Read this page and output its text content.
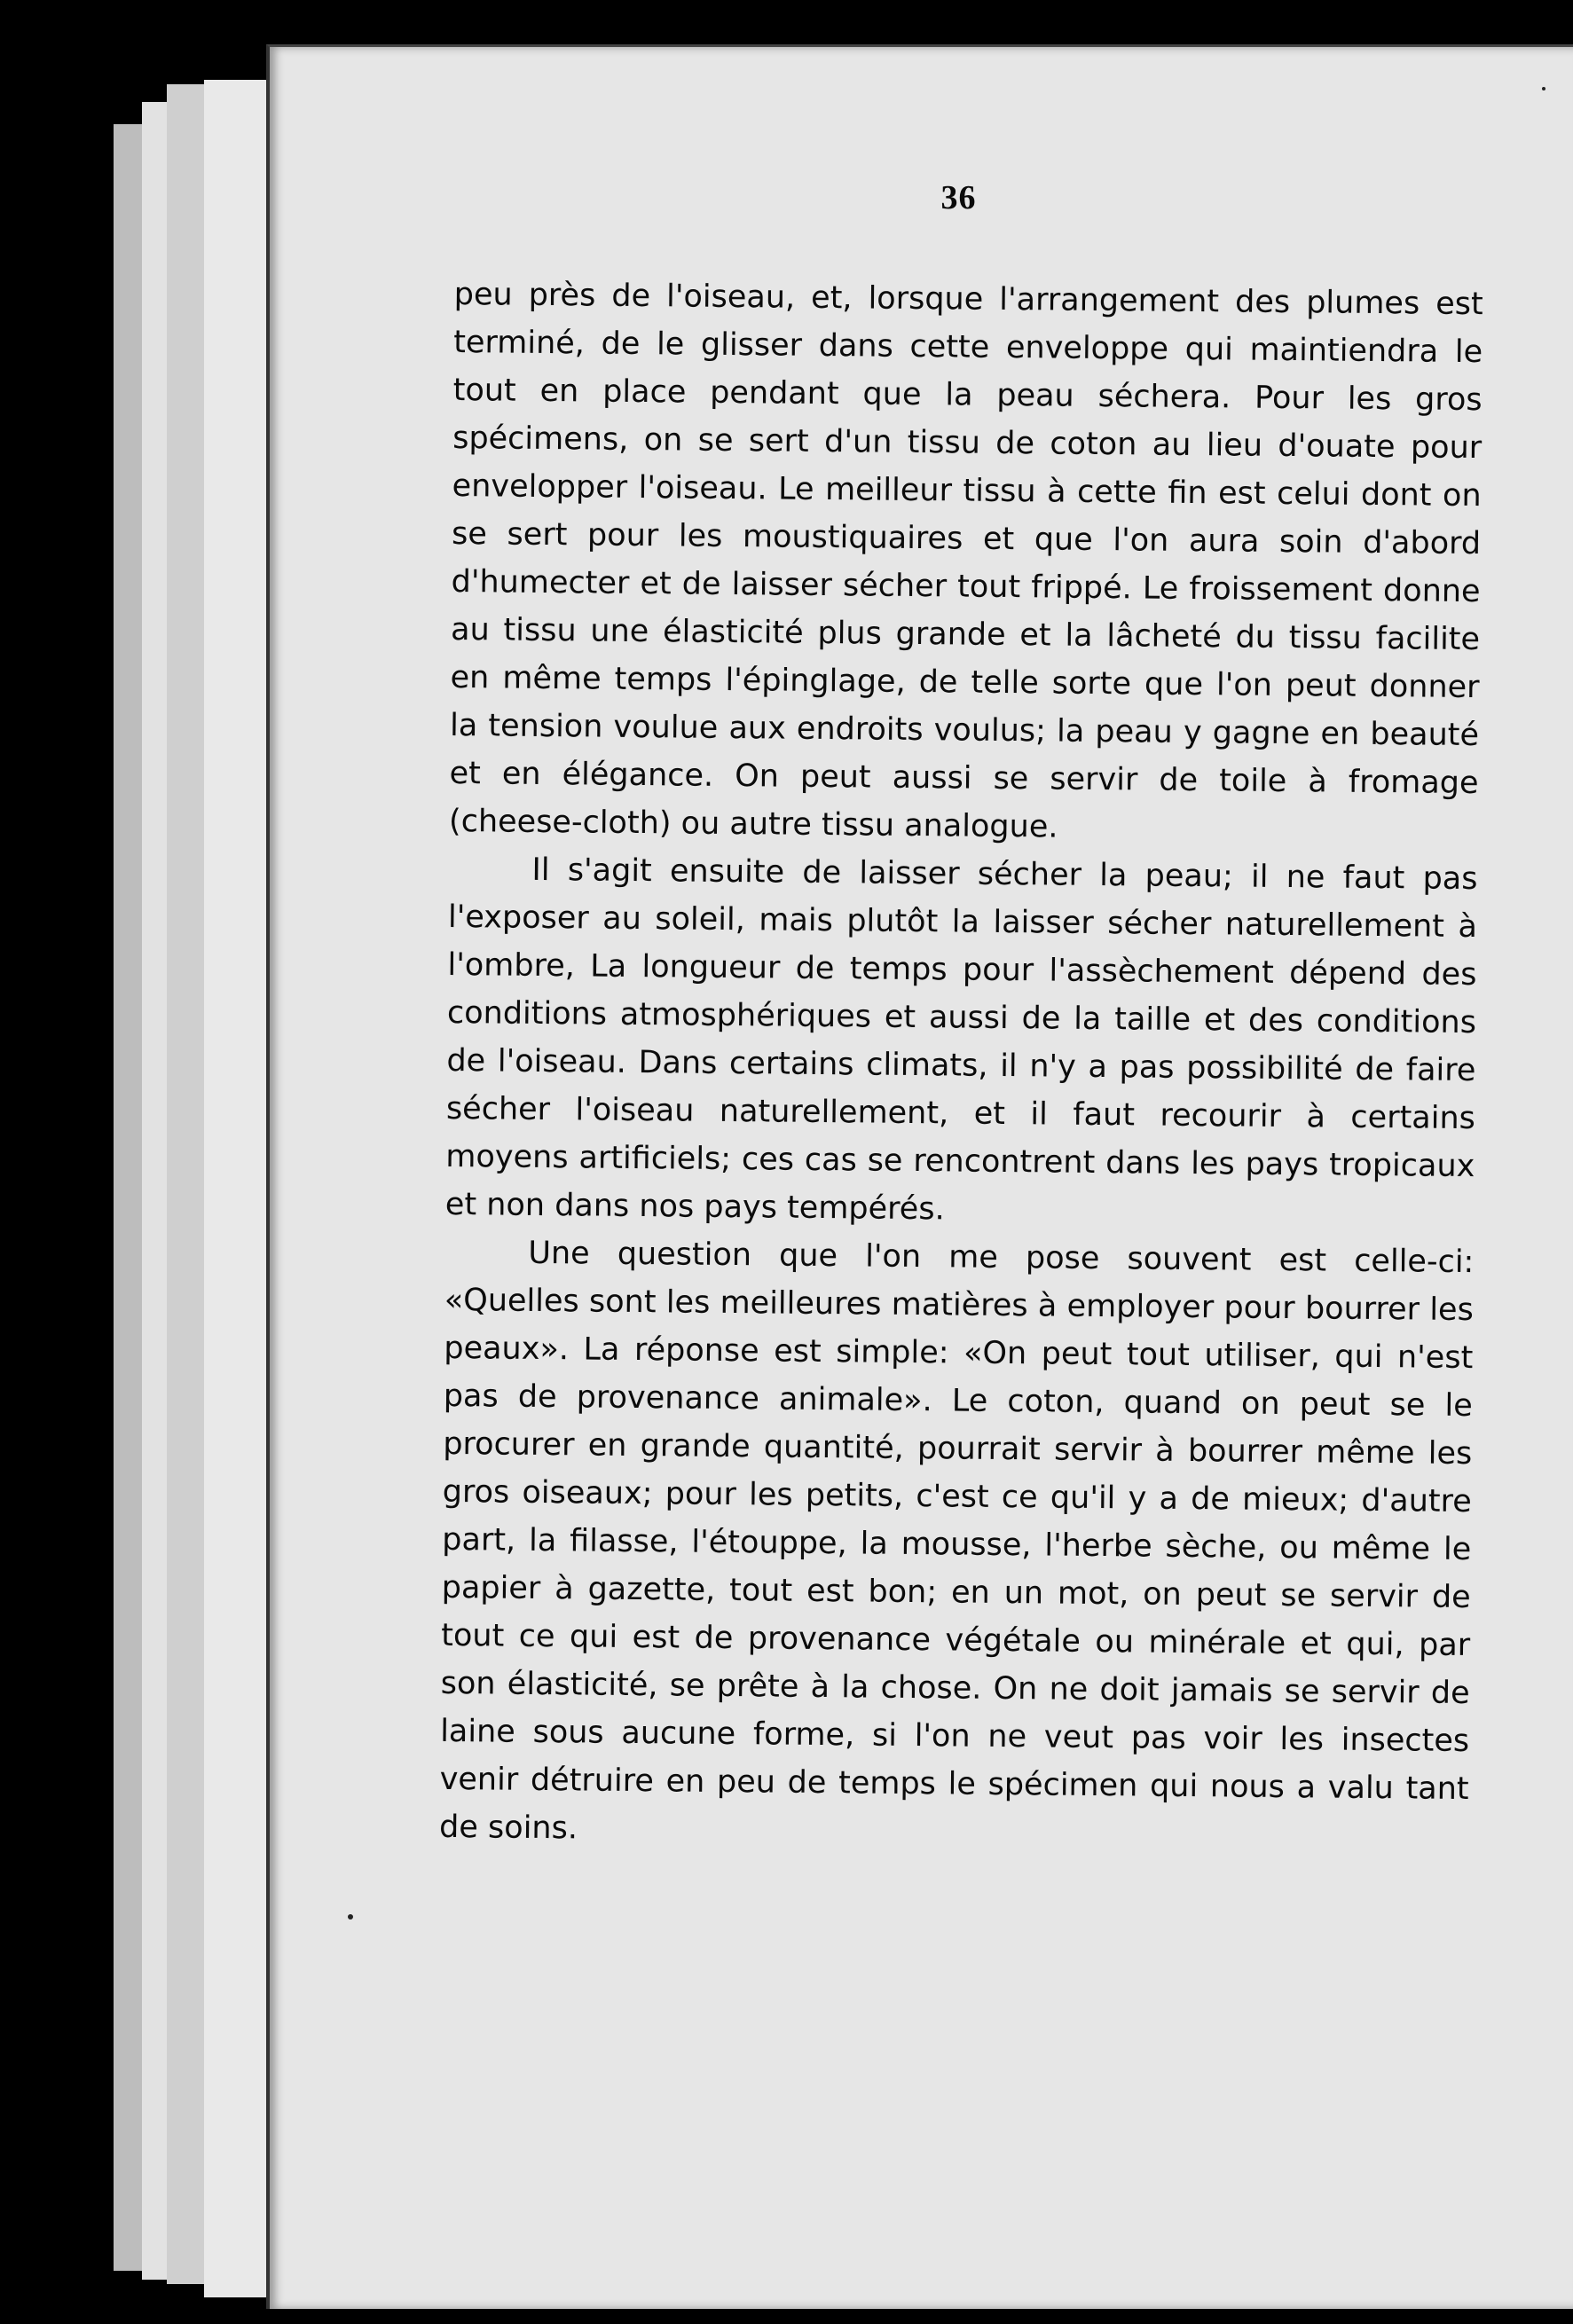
36

peu près de l'oiseau, et, lorsque l'arrangement des plumes est terminé, de le glisser dans cette enveloppe qui maintiendra le tout en place pendant que la peau séchera. Pour les gros spécimens, on se sert d'un tissu de coton au lieu d'ouate pour envelopper l'oiseau. Le meilleur tissu à cette fin est celui dont on se sert pour les moustiquaires et que l'on aura soin d'abord d'humecter et de laisser sécher tout frippé. Le froissement donne au tissu une élasticité plus grande et la lâcheté du tissu facilite en même temps l'épinglage, de telle sorte que l'on peut donner la tension voulue aux endroits voulus; la peau y gagne en beauté et en élégance. On peut aussi se servir de toile à fromage (cheese-cloth) ou autre tissu analogue.

Il s'agit ensuite de laisser sécher la peau; il ne faut pas l'exposer au soleil, mais plutôt la laisser sécher naturellement à l'ombre, La longueur de temps pour l'assèchement dépend des conditions atmosphériques et aussi de la taille et des conditions de l'oiseau. Dans certains climats, il n'y a pas possibilité de faire sécher l'oiseau naturellement, et il faut recourir à certains moyens artificiels; ces cas se rencontrent dans les pays tropicaux et non dans nos pays tempérés.

Une question que l'on me pose souvent est celle-ci: «Quelles sont les meilleures matières à employer pour bourrer les peaux». La réponse est simple: «On peut tout utiliser, qui n'est pas de provenance animale». Le coton, quand on peut se le procurer en grande quantité, pourrait servir à bourrer même les gros oiseaux; pour les petits, c'est ce qu'il y a de mieux; d'autre part, la filasse, l'étouppe, la mousse, l'herbe sèche, ou même le papier à gazette, tout est bon; en un mot, on peut se servir de tout ce qui est de provenance végétale ou minérale et qui, par son élasticité, se prête à la chose. On ne doit jamais se servir de laine sous aucune forme, si l'on ne veut pas voir les insectes venir détruire en peu de temps le spécimen qui nous a valu tant de soins.
